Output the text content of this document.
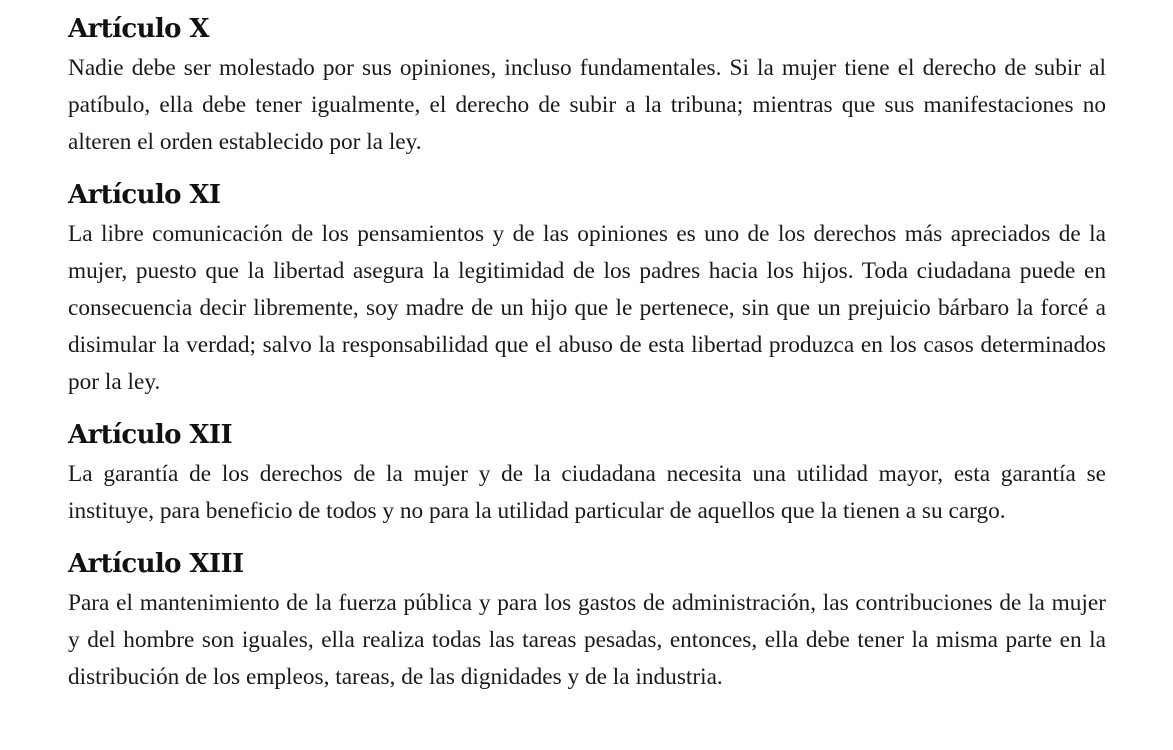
Artículo X

Nadie debe ser molestado por sus opiniones, incluso fundamentales. Si la mujer tiene el derecho de subir al patíbulo, ella debe tener igualmente, el derecho de subir a la tribuna; mientras que sus manifestaciones no alteren el orden establecido por la ley.

Artículo XI

La libre comunicación de los pensamientos y de las opiniones es uno de los derechos más apreciados de la mujer, puesto que la libertad asegura la legitimidad de los padres hacia los hijos. Toda ciudadana puede en consecuencia decir libremente, soy madre de un hijo que le pertenece, sin que un prejuicio bárbaro la forcé a disimular la verdad; salvo la responsabilidad que el abuso de esta libertad produzca en los casos determinados por la ley.

Artículo XII

La garantía de los derechos de la mujer y de la ciudadana necesita una utilidad mayor, esta garantía se instituye, para beneficio de todos y no para la utilidad particular de aquellos que la tienen a su cargo.

Artículo XIII

Para el mantenimiento de la fuerza pública y para los gastos de administración, las contribuciones de la mujer y del hombre son iguales, ella realiza todas las tareas pesadas, entonces, ella debe tener la misma parte en la distribución de los empleos, tareas, de las dignidades y de la industria.
